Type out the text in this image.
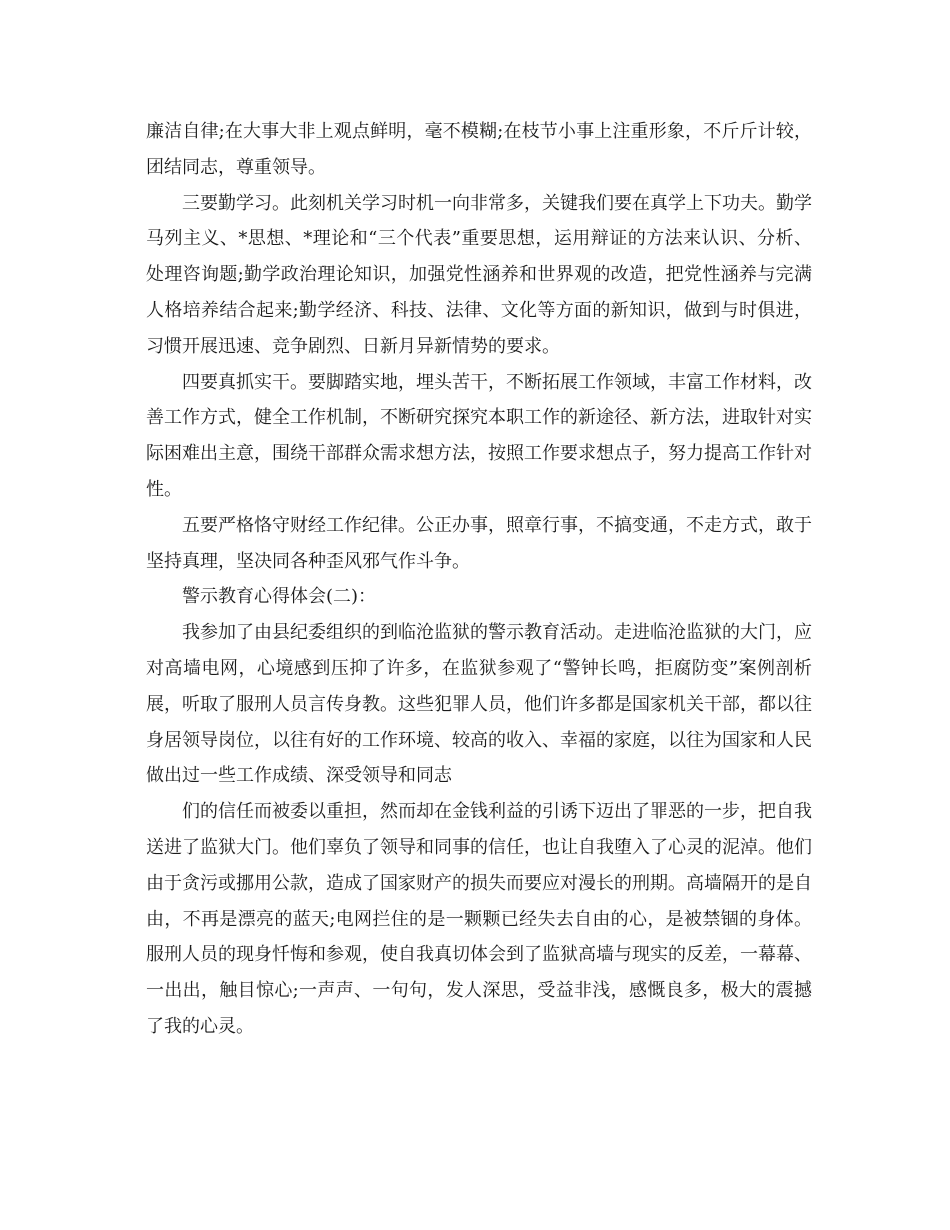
廉洁自律;在大事大非上观点鲜明，毫不模糊;在枝节小事上注重形象，不斤斤计较，团结同志，尊重领导。

三要勤学习。此刻机关学习时机一向非常多，关键我们要在真学上下功夫。勤学马列主义、*思想、*理论和“三个代表”重要思想，运用辩证的方法来认识、分析、处理咨询题;勤学政治理论知识，加强党性涵养和世界观的改造，把党性涵养与完满人格培养结合起来;勤学经济、科技、法律、文化等方面的新知识，做到与时俱进，习惯开展迅速、竞争剧烈、日新月异新情势的要求。

四要真抓实干。要脚踏实地，埋头苦干，不断拓展工作领域，丰富工作材料，改善工作方式，健全工作机制，不断研究探究本职工作的新途径、新方法，进取针对实际困难出主意，围绕干部群众需求想方法，按照工作要求想点子，努力提高工作针对性。

五要严格恪守财经工作纪律。公正办事，照章行事，不搞变通，不走方式，敢于坚持真理，坚决同各种歪风邪气作斗争。

警示教育心得体会(二)：

我参加了由县纪委组织的到临沧监狱的警示教育活动。走进临沧监狱的大门，应对高墙电网，心境感到压抑了许多，在监狱参观了“警钟长鸣，拒腐防变”案例剖析展，听取了服刑人员言传身教。这些犯罪人员，他们许多都是国家机关干部，都以往身居领导岗位，以往有好的工作环境、较高的收入、幸福的家庭，以往为国家和人民做出过一些工作成绩、深受领导和同志

们的信任而被委以重担，然而却在金钱利益的引诱下迈出了罪恶的一步，把自我送进了监狱大门。他们辜负了领导和同事的信任，也让自我堕入了心灵的泥淖。他们由于贪污或挪用公款，造成了国家财产的损失而要应对漫长的刑期。高墙隔开的是自由，不再是漂亮的蓝天;电网拦住的是一颗颗已经失去自由的心，是被禁锢的身体。服刑人员的现身忏悔和参观，使自我真切体会到了监狱高墙与现实的反差，一幕幕、一出出，触目惊心;一声声、一句句，发人深思，受益非浅，感慨良多，极大的震撼了我的心灵。
